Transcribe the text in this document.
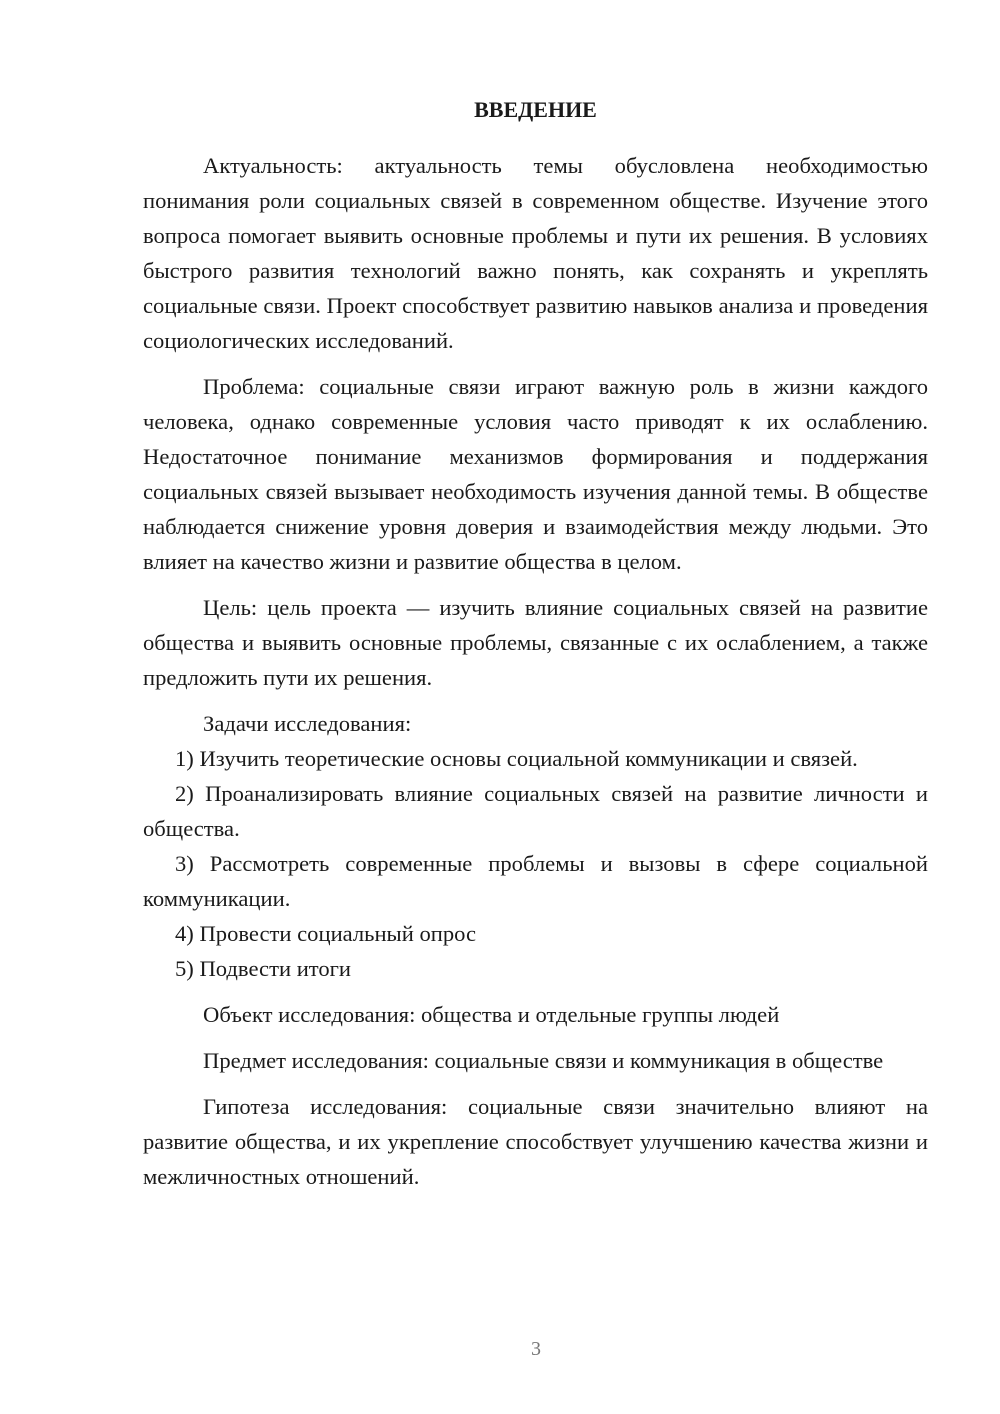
ВВЕДЕНИЕ

Актуальность: актуальность темы обусловлена необходимостью понимания роли социальных связей в современном обществе. Изучение этого вопроса помогает выявить основные проблемы и пути их решения. В условиях быстрого развития технологий важно понять, как сохранять и укреплять социальные связи. Проект способствует развитию навыков анализа и проведения социологических исследований.

Проблема: социальные связи играют важную роль в жизни каждого человека, однако современные условия часто приводят к их ослаблению. Недостаточное понимание механизмов формирования и поддержания социальных связей вызывает необходимость изучения данной темы. В обществе наблюдается снижение уровня доверия и взаимодействия между людьми. Это влияет на качество жизни и развитие общества в целом.

Цель: цель проекта — изучить влияние социальных связей на развитие общества и выявить основные проблемы, связанные с их ослаблением, а также предложить пути их решения.

Задачи исследования:

1) Изучить теоретические основы социальной коммуникации и связей.

2) Проанализировать влияние социальных связей на развитие личности и общества.

3) Рассмотреть современные проблемы и вызовы в сфере социальной коммуникации.

4) Провести социальный опрос

5) Подвести итоги

Объект исследования: общества и отдельные группы людей

Предмет исследования: социальные связи и коммуникация в обществе

Гипотеза исследования: социальные связи значительно влияют на развитие общества, и их укрепление способствует улучшению качества жизни и межличностных отношений.

3
